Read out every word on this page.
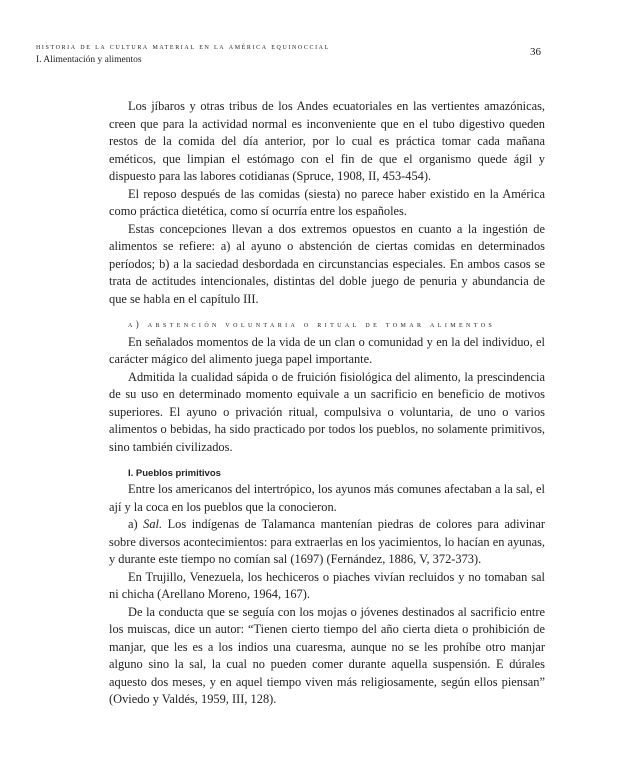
historia de la cultura material en la américa equinoccial
I. Alimentación y alimentos
36

Los jíbaros y otras tribus de los Andes ecuatoriales en las vertientes amazónicas, creen que para la actividad normal es inconveniente que en el tubo digestivo queden restos de la comida del día anterior, por lo cual es práctica tomar cada mañana eméticos, que limpian el estómago con el fin de que el organismo quede ágil y dispuesto para las labores cotidianas (Spruce, 1908, II, 453-454).

El reposo después de las comidas (siesta) no parece haber existido en la América como práctica dietética, como sí ocurría entre los españoles.

Estas concepciones llevan a dos extremos opuestos en cuanto a la ingestión de alimentos se refiere: a) al ayuno o abstención de ciertas comidas en determinados períodos; b) a la saciedad desbordada en circunstancias especiales. En ambos casos se trata de actitudes intencionales, distintas del doble juego de penuria y abundancia de que se habla en el capítulo III.

a) abstención voluntaria o ritual de tomar alimentos

En señalados momentos de la vida de un clan o comunidad y en la del individuo, el carácter mágico del alimento juega papel importante.

Admitida la cualidad sápida o de fruición fisiológica del alimento, la prescindencia de su uso en determinado momento equivale a un sacrificio en beneficio de motivos superiores. El ayuno o privación ritual, compulsiva o voluntaria, de uno o varios alimentos o bebidas, ha sido practicado por todos los pueblos, no solamente primitivos, sino también civilizados.

I. Pueblos primitivos

Entre los americanos del intertrópico, los ayunos más comunes afectaban a la sal, el ají y la coca en los pueblos que la conocieron.

a) Sal. Los indígenas de Talamanca mantenían piedras de colores para adivinar sobre diversos acontecimientos: para extraerlas en los yacimientos, lo hacían en ayunas, y durante este tiempo no comían sal (1697) (Fernández, 1886, V, 372-373).

En Trujillo, Venezuela, los hechiceros o piaches vivían recluidos y no tomaban sal ni chicha (Arellano Moreno, 1964, 167).

De la conducta que se seguía con los mojas o jóvenes destinados al sacrificio entre los muiscas, dice un autor: “Tienen cierto tiempo del año cierta dieta o prohibición de manjar, que les es a los indios una cuaresma, aunque no se les prohíbe otro manjar alguno sino la sal, la cual no pueden comer durante aquella suspensión. E dúrales aquesto dos meses, y en aquel tiempo viven más religiosamente, según ellos piensan” (Oviedo y Valdés, 1959, III, 128).
